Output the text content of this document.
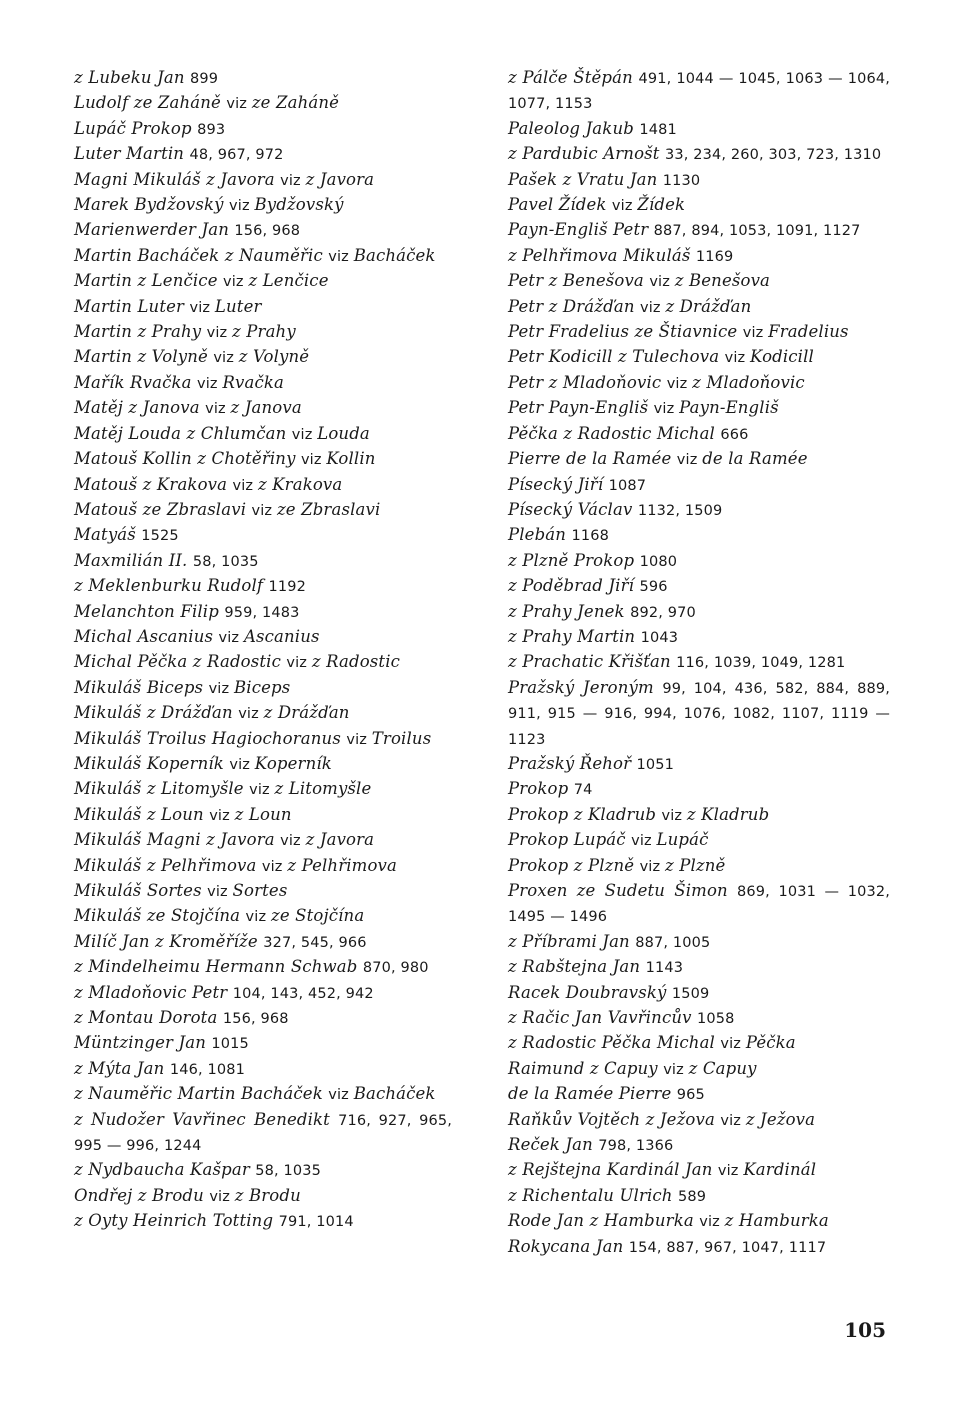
z Lubeku Jan 899
Ludolf ze Zaháně viz ze Zaháně
Lupáč Prokop 893
Luter Martin 48, 967, 972
Magni Mikuláš z Javora viz z Javora
Marek Bydžovský viz Bydžovský
Marienwerder Jan 156, 968
Martin Bacháček z Nauměřic viz Bacháček
Martin z Lenčice viz z Lenčice
Martin Luter viz Luter
Martin z Prahy viz z Prahy
Martin z Volyně viz z Volyně
Mařík Rvačka viz Rvačka
Matěj z Janova viz z Janova
Matěj Louda z Chlumčan viz Louda
Matouš Kollin z Chotěřiny viz Kollin
Matouš z Krakova viz z Krakova
Matouš ze Zbraslavi viz ze Zbraslavi
Matyáš 1525
Maxmilián II. 58, 1035
z Meklenburku Rudolf 1192
Melanchton Filip 959, 1483
Michal Ascanius viz Ascanius
Michal Pěčka z Radostic viz z Radostic
Mikuláš Biceps viz Biceps
Mikuláš z Drážďan viz z Drážďan
Mikuláš Troilus Hagiochoranus viz Troilus
Mikuláš Koperník viz Koperník
Mikuláš z Litomyšle viz z Litomyšle
Mikuláš z Loun viz z Loun
Mikuláš Magni z Javora viz z Javora
Mikuláš z Pelhřimova viz z Pelhřimova
Mikuláš Sortes viz Sortes
Mikuláš ze Stojčína viz ze Stojčína
Milíč Jan z Kroměříže 327, 545, 966
z Mindelheimu Hermann Schwab 870, 980
z Mladoňovic Petr 104, 143, 452, 942
z Montau Dorota 156, 968
Müntzinger Jan 1015
z Mýta Jan 146, 1081
z Nauměřic Martin Bacháček viz Bacháček
z Nudožer Vavřinec Benedikt 716, 927, 965, 995 — 996, 1244
z Nydbaucha Kašpar 58, 1035
Ondřej z Brodu viz z Brodu
z Oyty Heinrich Totting 791, 1014
z Pálče Štěpán 491, 1044 — 1045, 1063 — 1064, 1077, 1153
Paleolog Jakub 1481
z Pardubic Arnošt 33, 234, 260, 303, 723, 1310
Pašek z Vratu Jan 1130
Pavel Žídek viz Žídek
Payn-Engliš Petr 887, 894, 1053, 1091, 1127
z Pelhřimova Mikuláš 1169
Petr z Benešova viz z Benešova
Petr z Drážďan viz z Drážďan
Petr Fradelius ze Štiavnice viz Fradelius
Petr Kodicill z Tulechova viz Kodicill
Petr z Mladoňovic viz z Mladoňovic
Petr Payn-Engliš viz Payn-Engliš
Pěčka z Radostic Michal 666
Pierre de la Ramée viz de la Ramée
Písecký Jiří 1087
Písecký Václav 1132, 1509
Plebán 1168
z Plzně Prokop 1080
z Poděbrad Jiří 596
z Prahy Jenek 892, 970
z Prahy Martin 1043
z Prachatic Křišťan 116, 1039, 1049, 1281
Pražský Jeroným 99, 104, 436, 582, 884, 889, 911, 915 — 916, 994, 1076, 1082, 1107, 1119 — 1123
Pražský Řehoř 1051
Prokop 74
Prokop z Kladrub viz z Kladrub
Prokop Lupáč viz Lupáč
Prokop z Plzně viz z Plzně
Proxen ze Sudetu Šimon 869, 1031 — 1032, 1495 — 1496
z Příbrami Jan 887, 1005
z Rabštejna Jan 1143
Racek Doubravský 1509
z Račic Jan Vavřincův 1058
z Radostic Pěčka Michal viz Pěčka
Raimund z Capuy viz z Capuy
de la Ramée Pierre 965
Raňkův Vojtěch z Ježova viz z Ježova
Reček Jan 798, 1366
z Rejštejna Kardinál Jan viz Kardinál
z Richentalu Ulrich 589
Rode Jan z Hamburka viz z Hamburka
Rokycana Jan 154, 887, 967, 1047, 1117
105
